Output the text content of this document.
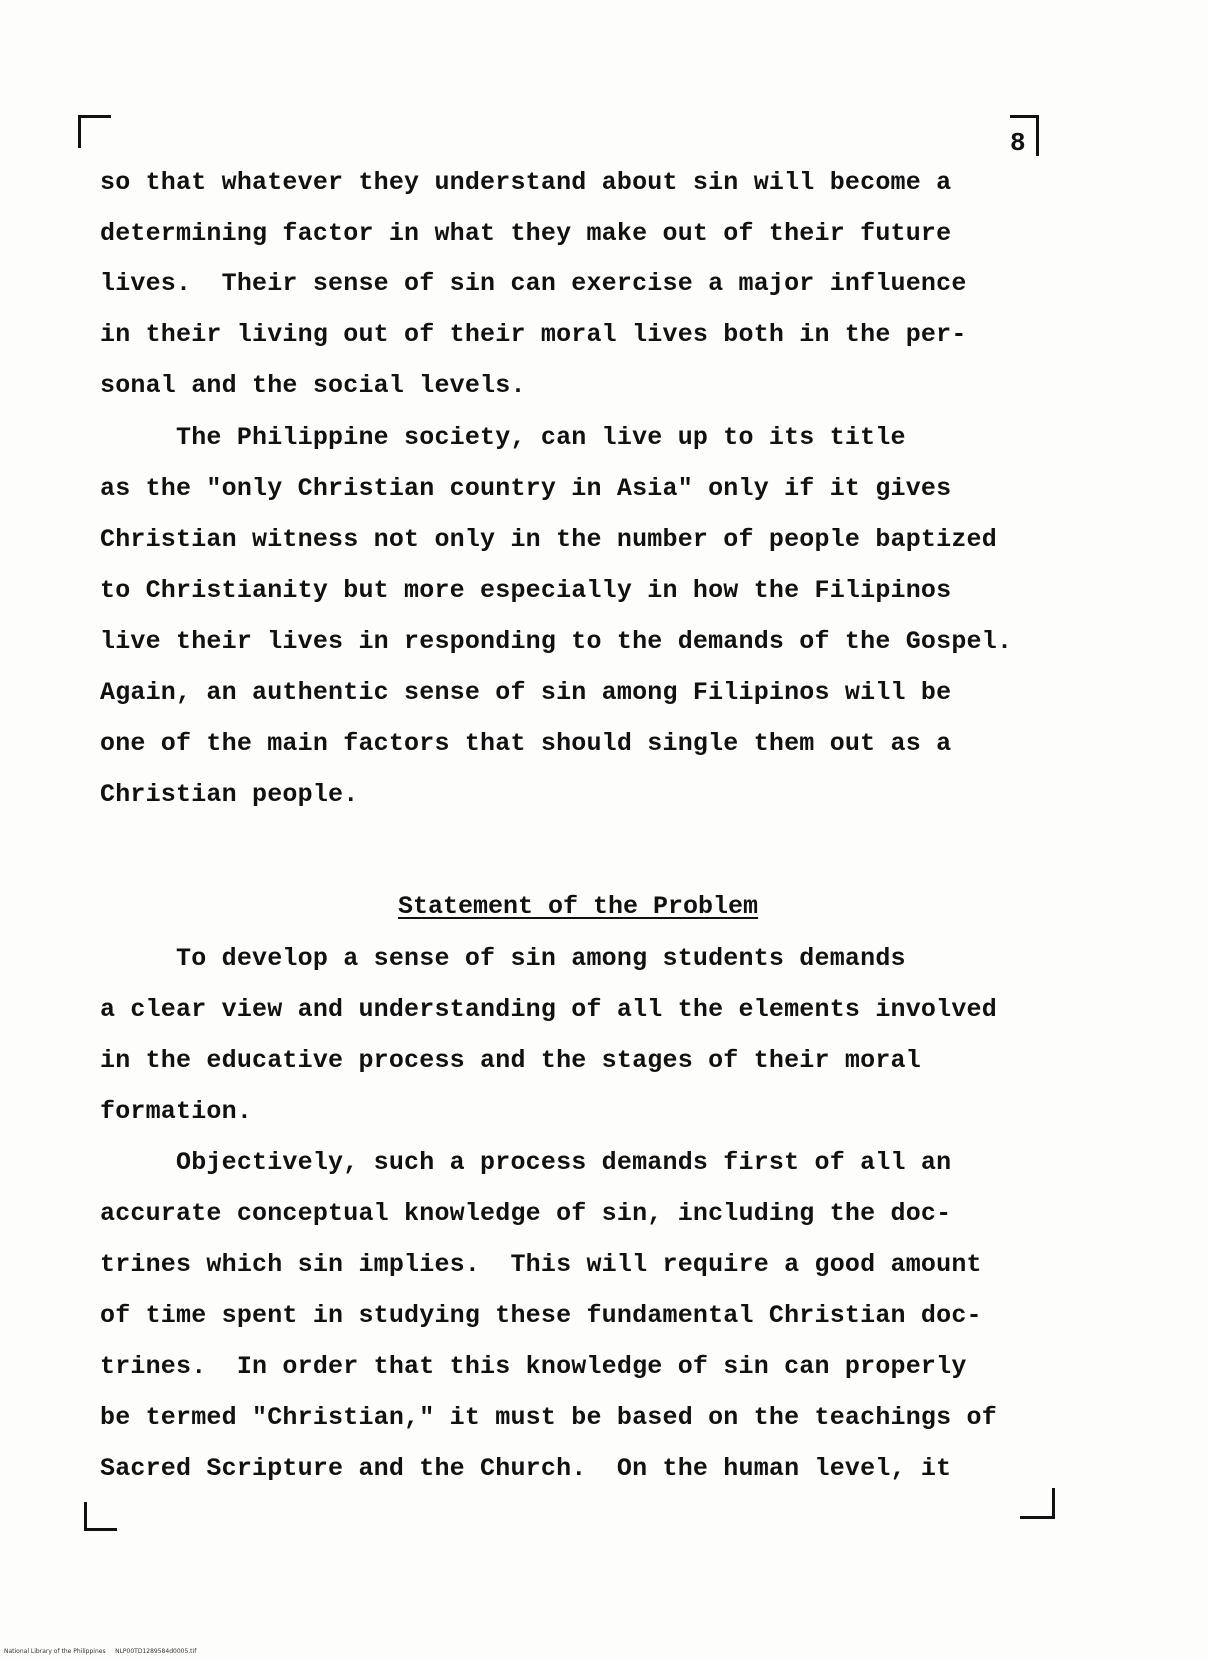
8
so that whatever they understand about sin will become a
determining factor in what they make out of their future
lives.  Their sense of sin can exercise a major influence
in their living out of their moral lives both in the per-
sonal and the social levels.
The Philippine society, can live up to its title
as the "only Christian country in Asia" only if it gives
Christian witness not only in the number of people baptized
to Christianity but more especially in how the Filipinos
live their lives in responding to the demands of the Gospel.
Again, an authentic sense of sin among Filipinos will be
one of the main factors that should single them out as a
Christian people.
Statement of the Problem
To develop a sense of sin among students demands
a clear view and understanding of all the elements involved
in the educative process and the stages of their moral
formation.
Objectively, such a process demands first of all an
accurate conceptual knowledge of sin, including the doc-
trines which sin implies.  This will require a good amount
of time spent in studying these fundamental Christian doc-
trines.  In order that this knowledge of sin can properly
be termed "Christian," it must be based on the teachings of
Sacred Scripture and the Church.  On the human level, it
National Library of the Philippines     NLP00TD1289584d0005.tif
